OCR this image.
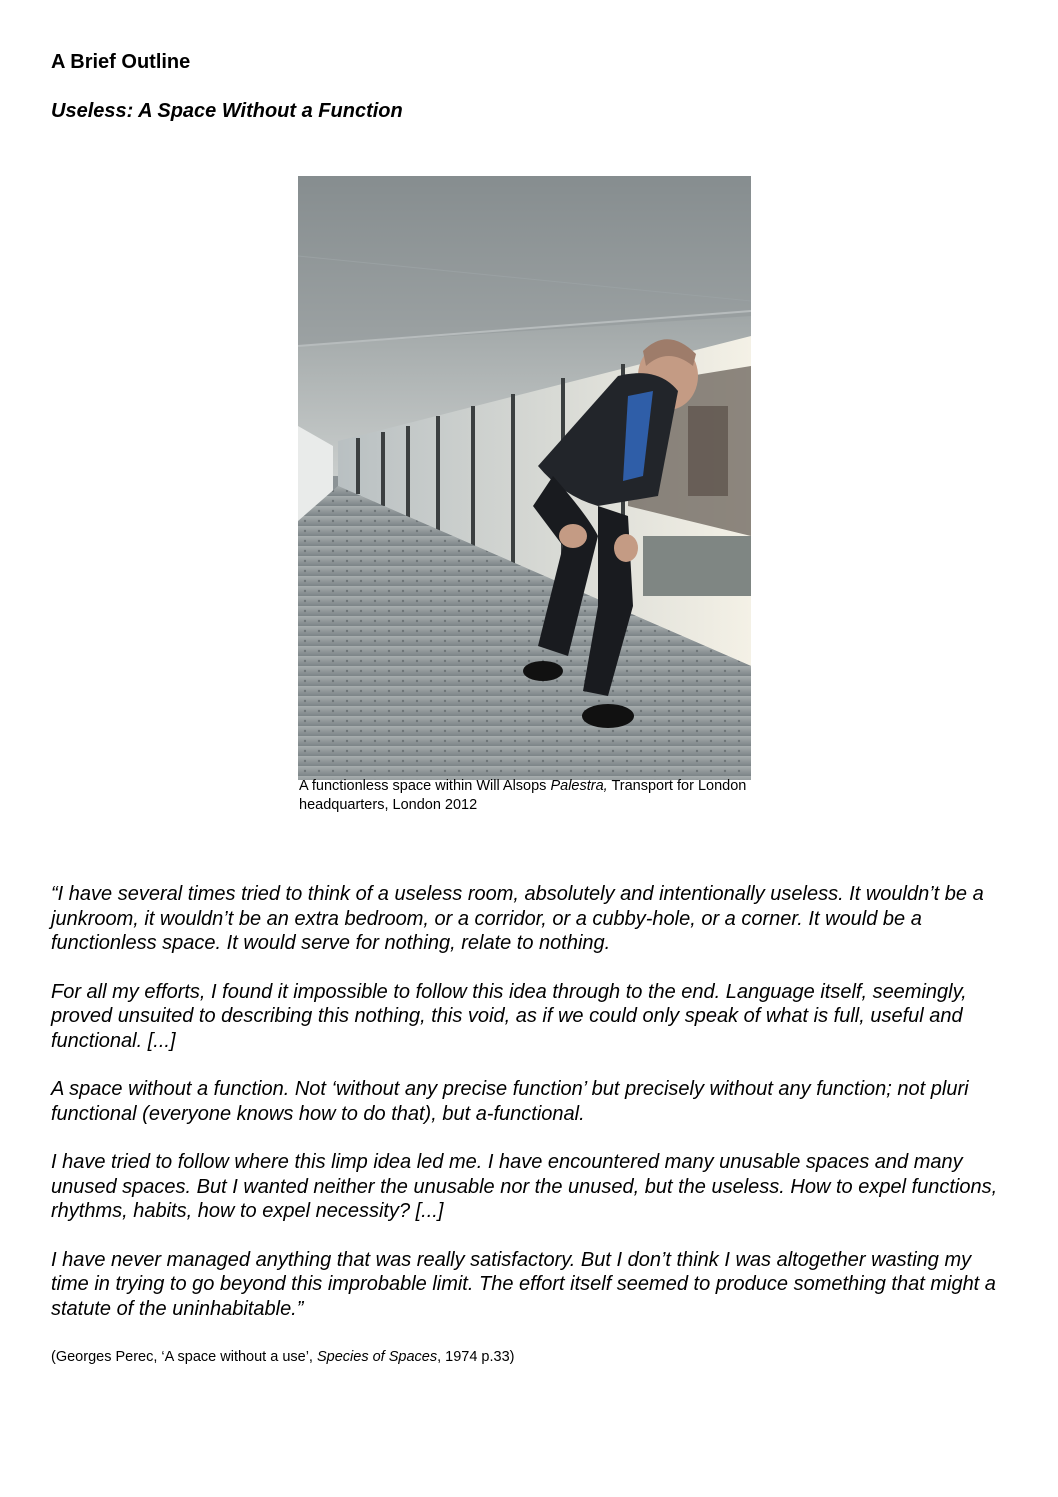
A Brief Outline
Useless: A Space Without a Function
A functionless space within Will Alsops Palestra, Transport for London headquarters, London 2012

“I have several times tried to think of a useless room, absolutely and intentionally useless. It wouldn’t be a junkroom, it wouldn’t be an extra bedroom, or a corridor, or a cubby-hole, or a corner. It would be a functionless space. It would serve for nothing, relate to nothing.

For all my efforts, I found it impossible to follow this idea through to the end. Language itself, seemingly, proved unsuited to describing this nothing, this void, as if we could only speak of what is full, useful and functional. [...]

A space without a function. Not ‘without any precise function’ but precisely without any function; not pluri functional (everyone knows how to do that), but a-functional.

I have tried to follow where this limp idea led me. I have encountered many unusable spaces and many unused spaces. But I wanted neither the unusable nor the unused, but the useless. How to expel functions, rhythms, habits, how to expel necessity? [...]

I have never managed anything that was really satisfactory. But I don’t think I was altogether wasting my time in trying to go beyond this improbable limit. The effort itself seemed to produce something that might a statute of the uninhabitable.”

(Georges Perec, ‘A space without a use’, Species of Spaces, 1974 p.33)
